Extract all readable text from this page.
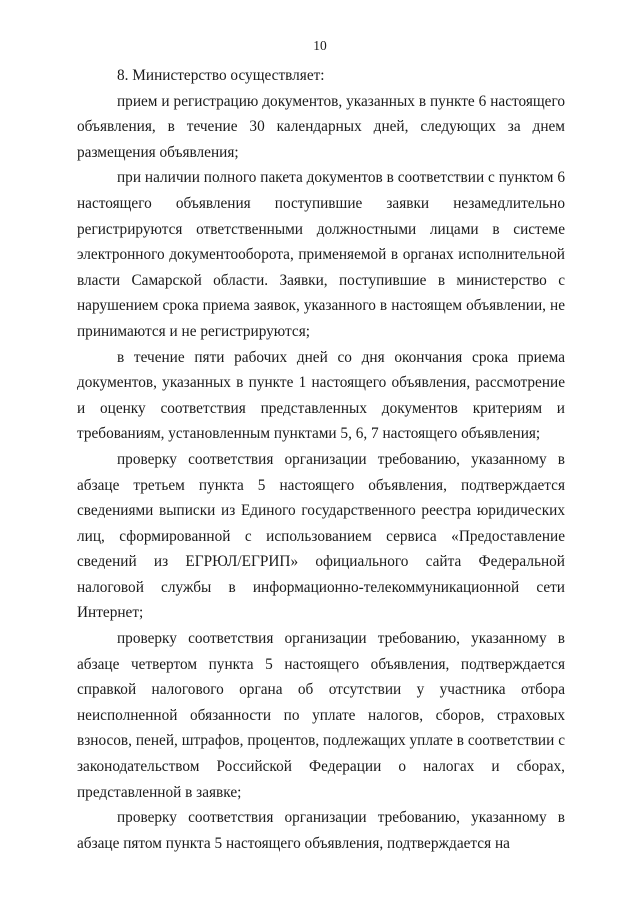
10

8. Министерство осуществляет:

прием и регистрацию документов, указанных в пункте 6 настоящего объявления, в течение 30 календарных дней, следующих за днем размещения объявления;

при наличии полного пакета документов в соответствии с пунктом 6 настоящего объявления поступившие заявки незамедлительно регистрируются ответственными должностными лицами в системе электронного документооборота, применяемой в органах исполнительной власти Самарской области. Заявки, поступившие в министерство с нарушением срока приема заявок, указанного в настоящем объявлении, не принимаются и не регистрируются;

в течение пяти рабочих дней со дня окончания срока приема документов, указанных в пункте 1 настоящего объявления, рассмотрение и оценку соответствия представленных документов критериям и требованиям, установленным пунктами 5, 6, 7 настоящего объявления;

проверку соответствия организации требованию, указанному в абзаце третьем пункта 5 настоящего объявления, подтверждается сведениями выписки из Единого государственного реестра юридических лиц, сформированной с использованием сервиса «Предоставление сведений из ЕГРЮЛ/ЕГРИП» официального сайта Федеральной налоговой службы в информационно-телекоммуникационной сети Интернет;

проверку соответствия организации требованию, указанному в абзаце четвертом пункта 5 настоящего объявления, подтверждается справкой налогового органа об отсутствии у участника отбора неисполненной обязанности по уплате налогов, сборов, страховых взносов, пеней, штрафов, процентов, подлежащих уплате в соответствии с законодательством Российской Федерации о налогах и сборах, представленной в заявке;

проверку соответствия организации требованию, указанному в абзаце пятом пункта 5 настоящего объявления, подтверждается на
